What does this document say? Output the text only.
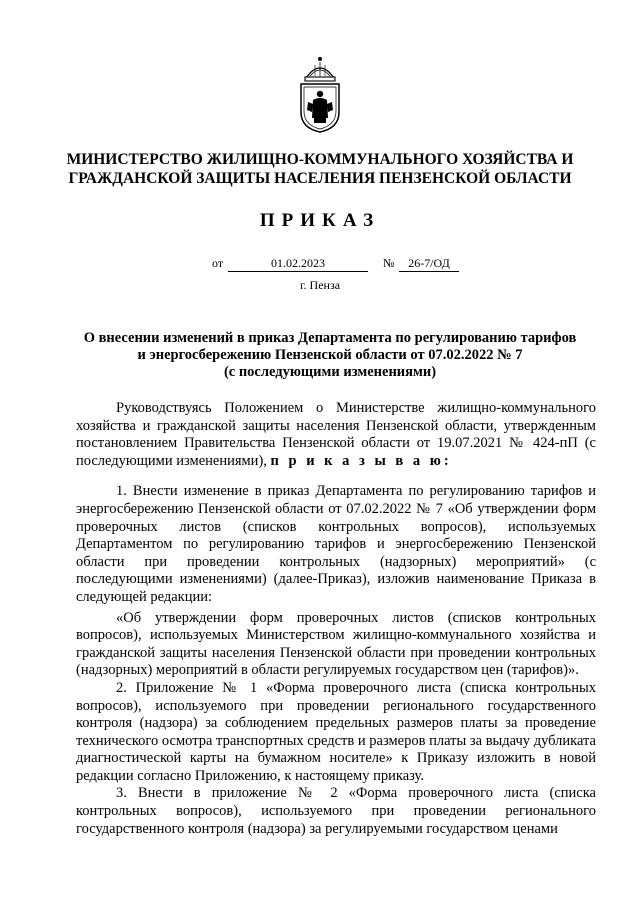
МИНИСТЕРСТВО ЖИЛИЩНО-КОММУНАЛЬНОГО ХОЗЯЙСТВА И
ГРАЖДАНСКОЙ ЗАЩИТЫ НАСЕЛЕНИЯ ПЕНЗЕНСКОЙ ОБЛАСТИ
ПРИКАЗ
от	01.02.2023	№	26-7/ОД
г. Пенза
О внесении изменений в приказ Департамента по регулированию тарифов
и энергосбережению Пензенской области от 07.02.2022 № 7
(с последующими изменениями)

Руководствуясь Положением о Министерстве жилищно-коммунального хозяйства и гражданской защиты населения Пензенской области, утвержденным постановлением Правительства Пензенской области от 19.07.2021 № 424-пП (с последующими изменениями), п р и к а з ы в а ю:

1. Внести изменение в приказ Департамента по регулированию тарифов и энергосбережению Пензенской области от 07.02.2022 № 7 «Об утверждении форм проверочных листов (списков контрольных вопросов), используемых Департаментом по регулированию тарифов и энергосбережению Пензенской области при проведении контрольных (надзорных) мероприятий» (с последующими изменениями) (далее-Приказ), изложив наименование Приказа в следующей редакции:

«Об утверждении форм проверочных листов (списков контрольных вопросов), используемых Министерством жилищно-коммунального хозяйства и гражданской защиты населения Пензенской области при проведении контрольных (надзорных) мероприятий в области регулируемых государством цен (тарифов)».

2. Приложение № 1 «Форма проверочного листа (списка контрольных вопросов), используемого при проведении регионального государственного контроля (надзора) за соблюдением предельных размеров платы за проведение технического осмотра транспортных средств и размеров платы за выдачу дубликата диагностической карты на бумажном носителе» к Приказу изложить в новой редакции согласно Приложению, к настоящему приказу.

3. Внести в приложение № 2 «Форма проверочного листа (списка контрольных вопросов), используемого при проведении регионального государственного контроля (надзора) за регулируемыми государством ценами
